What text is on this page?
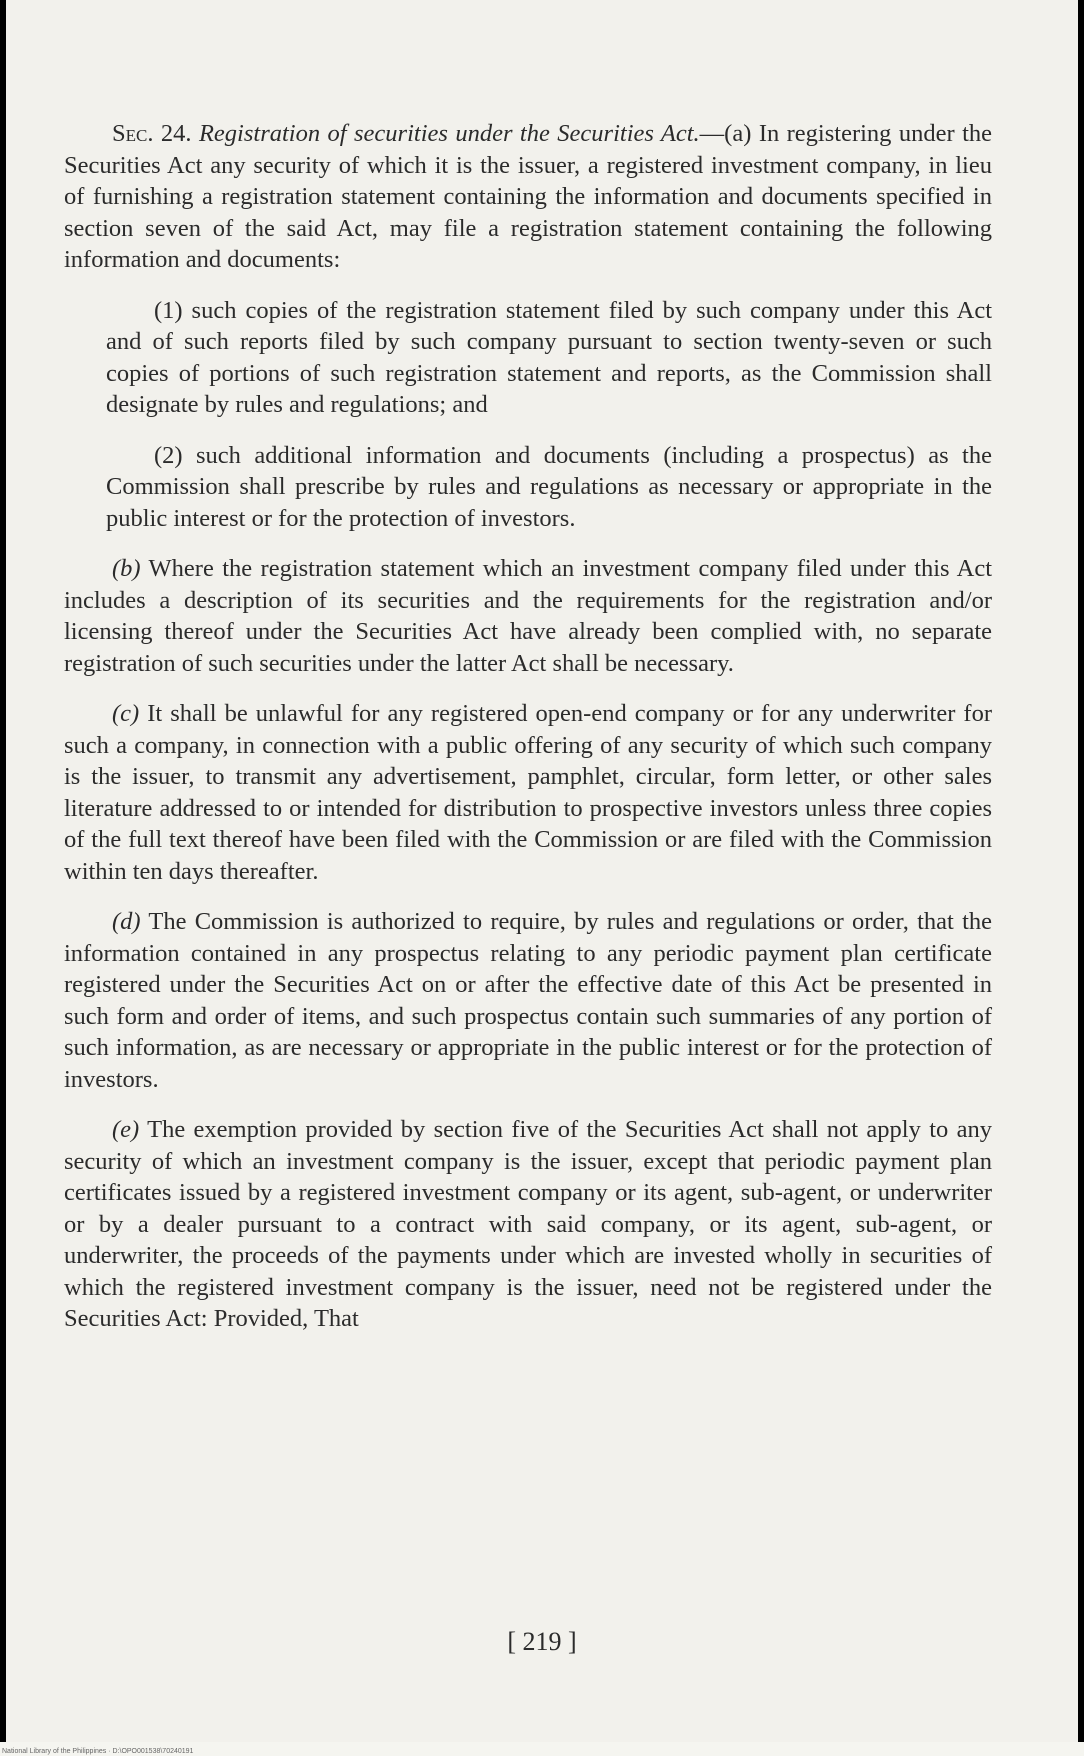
Sec. 24. Registration of securities under the Securities Act.—(a) In registering under the Securities Act any security of which it is the issuer, a registered investment company, in lieu of furnishing a registration statement containing the information and documents specified in section seven of the said Act, may file a registration statement containing the following information and documents:

(1) such copies of the registration statement filed by such company under this Act and of such reports filed by such company pursuant to section twenty-seven or such copies of portions of such registration statement and reports, as the Commission shall designate by rules and regulations; and

(2) such additional information and documents (including a prospectus) as the Commission shall prescribe by rules and regulations as necessary or appropriate in the public interest or for the protection of investors.

(b) Where the registration statement which an investment company filed under this Act includes a description of its securities and the requirements for the registration and/or licensing thereof under the Securities Act have already been complied with, no separate registration of such securities under the latter Act shall be necessary.

(c) It shall be unlawful for any registered open-end company or for any underwriter for such a company, in connection with a public offering of any security of which such company is the issuer, to transmit any advertisement, pamphlet, circular, form letter, or other sales literature addressed to or intended for distribution to prospective investors unless three copies of the full text thereof have been filed with the Commission or are filed with the Commission within ten days thereafter.

(d) The Commission is authorized to require, by rules and regulations or order, that the information contained in any prospectus relating to any periodic payment plan certificate registered under the Securities Act on or after the effective date of this Act be presented in such form and order of items, and such prospectus contain such summaries of any portion of such information, as are necessary or appropriate in the public interest or for the protection of investors.

(e) The exemption provided by section five of the Securities Act shall not apply to any security of which an investment company is the issuer, except that periodic payment plan certificates issued by a registered investment company or its agent, sub-agent, or underwriter or by a dealer pursuant to a contract with said company, or its agent, sub-agent, or underwriter, the proceeds of the payments under which are invested wholly in securities of which the registered investment company is the issuer, need not be registered under the Securities Act: Provided, That

[ 219 ]
National Library of the Philippines · D:\OPO001538\70240191
